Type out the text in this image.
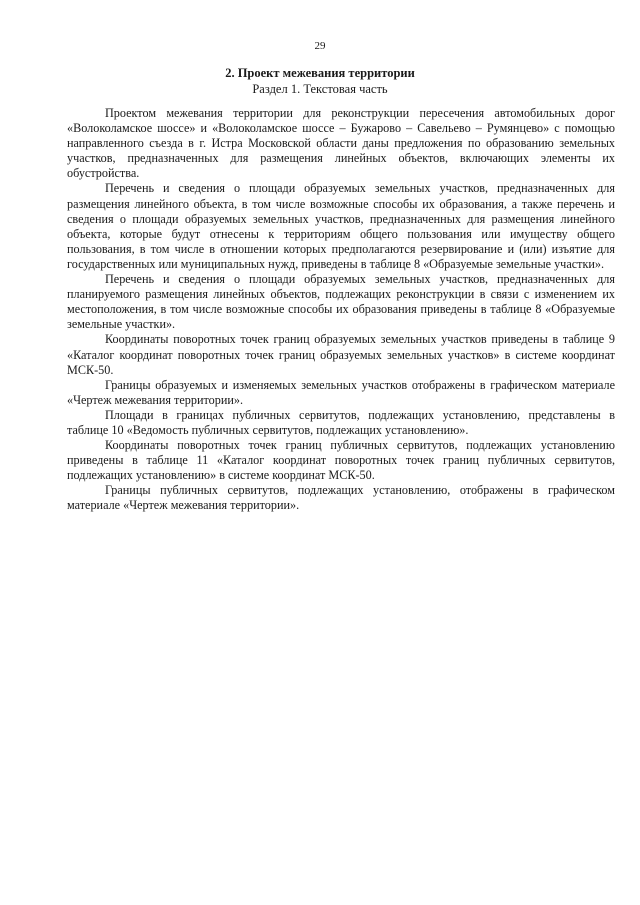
29
2. Проект межевания территории
Раздел 1. Текстовая часть

Проектом межевания территории для реконструкции пересечения автомобильных дорог «Волоколамское шоссе» и «Волоколамское шоссе – Бужарово – Савельево – Румянцево» с помощью направленного съезда в г. Истра Московской области даны предложения по образованию земельных участков, предназначенных для размещения линейных объектов, включающих элементы их обустройства.

Перечень и сведения о площади образуемых земельных участков, предназначенных для размещения линейного объекта, в том числе возможные способы их образования, а также перечень и сведения о площади образуемых земельных участков, предназначенных для размещения линейного объекта, которые будут отнесены к территориям общего пользования или имуществу общего пользования, в том числе в отношении которых предполагаются резервирование и (или) изъятие для государственных или муниципальных нужд, приведены в таблице 8 «Образуемые земельные участки».

Перечень и сведения о площади образуемых земельных участков, предназначенных для планируемого размещения линейных объектов, подлежащих реконструкции в связи с изменением их местоположения, в том числе возможные способы их образования приведены в таблице 8 «Образуемые земельные участки».

Координаты поворотных точек границ образуемых земельных участков приведены в таблице 9 «Каталог координат поворотных точек границ образуемых земельных участков» в системе координат МСК-50.

Границы образуемых и изменяемых земельных участков отображены в графическом материале «Чертеж межевания территории».

Площади в границах публичных сервитутов, подлежащих установлению, представлены в таблице 10 «Ведомость публичных сервитутов, подлежащих установлению».

Координаты поворотных точек границ публичных сервитутов, подлежащих установлению приведены в таблице 11 «Каталог координат поворотных точек границ публичных сервитутов, подлежащих установлению» в системе координат МСК-50.

Границы публичных сервитутов, подлежащих установлению, отображены в графическом материале «Чертеж межевания территории».
